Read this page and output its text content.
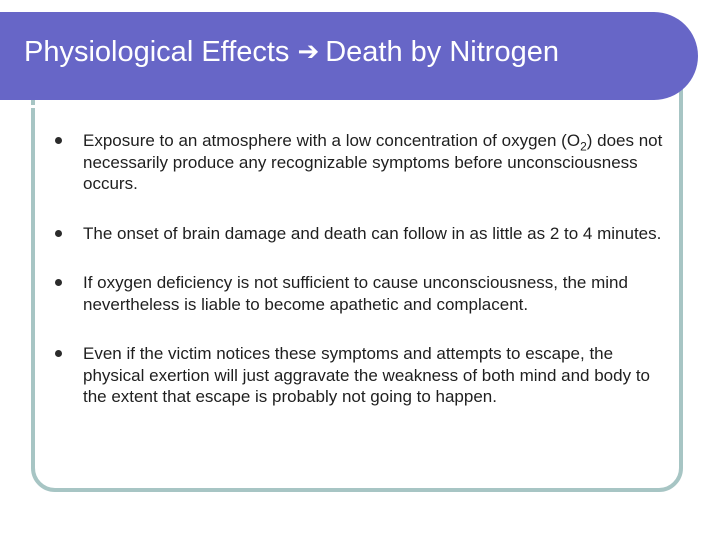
Physiological Effects ➔ Death by Nitrogen
Exposure to an atmosphere with a low concentration of oxygen $(O_2)$ does not necessarily produce any recognizable symptoms before unconsciousness occurs.
The onset of brain damage and death can follow in as little as 2 to 4 minutes.
If oxygen deficiency is not sufficient to cause unconsciousness, the mind nevertheless is liable to become apathetic and complacent.
Even if the victim notices these symptoms and attempts to escape, the physical exertion will just aggravate the weakness of both mind and body to the extent that escape is probably not going to happen.
